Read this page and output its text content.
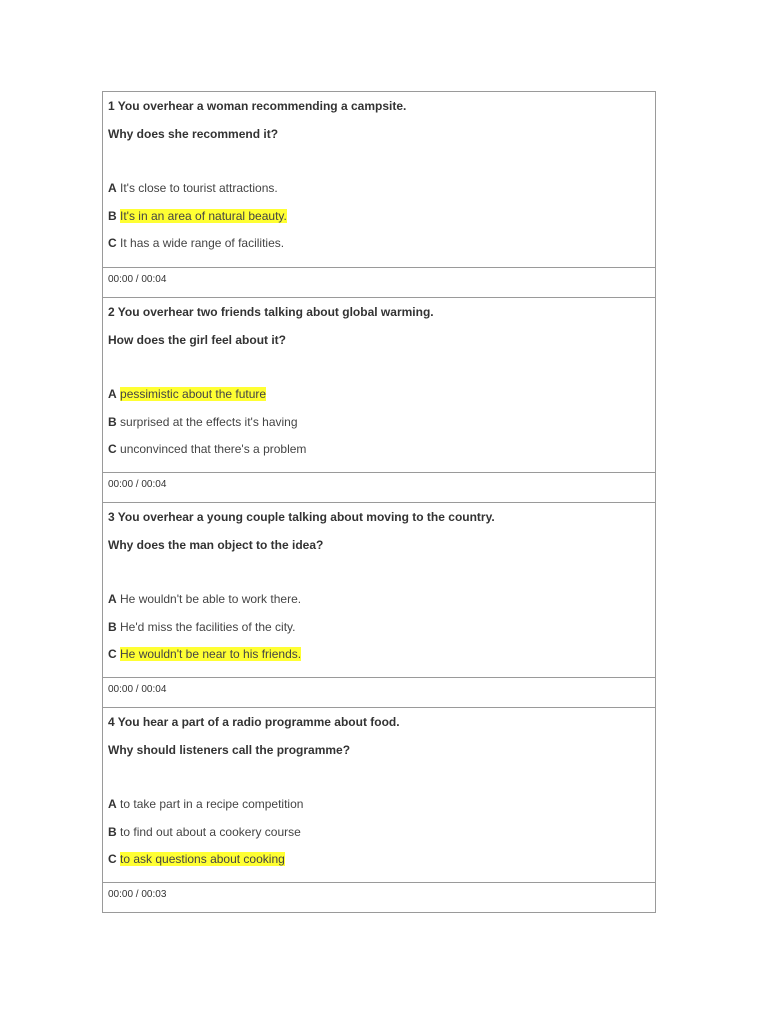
1 You overhear a woman recommending a campsite.
Why does she recommend it?
A It's close to tourist attractions.
B It's in an area of natural beauty.
C It has a wide range of facilities.
00:00 / 00:04
2 You overhear two friends talking about global warming.
How does the girl feel about it?
A pessimistic about the future
B surprised at the effects it's having
C unconvinced that there's a problem
00:00 / 00:04
3 You overhear a young couple talking about moving to the country.
Why does the man object to the idea?
A He wouldn't be able to work there.
B He'd miss the facilities of the city.
C He wouldn't be near to his friends.
00:00 / 00:04
4 You hear a part of a radio programme about food.
Why should listeners call the programme?
A to take part in a recipe competition
B to find out about a cookery course
C to ask questions about cooking
00:00 / 00:03
